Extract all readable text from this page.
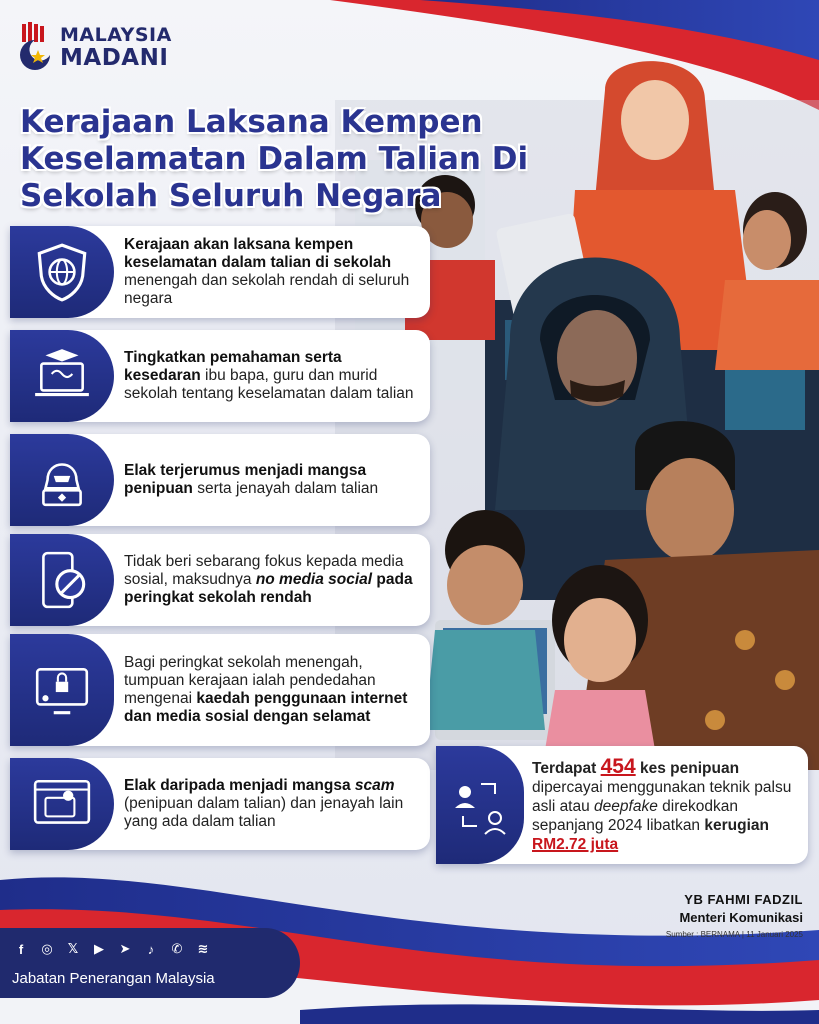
MALAYSIA
MADANI
Kerajaan Laksana Kempen
Keselamatan Dalam Talian Di
Sekolah Seluruh Negara
Kerajaan akan laksana kempen keselamatan dalam talian di sekolah menengah dan sekolah rendah di seluruh negara
Tingkatkan pemahaman serta kesedaran ibu bapa, guru dan murid sekolah tentang keselamatan dalam talian
Elak terjerumus menjadi mangsa penipuan serta jenayah dalam talian
Tidak beri sebarang fokus kepada media sosial, maksudnya no media social pada peringkat sekolah rendah
Bagi peringkat sekolah menengah, tumpuan kerajaan ialah pendedahan mengenai kaedah penggunaan internet dan media sosial dengan selamat
Elak daripada menjadi mangsa scam (penipuan dalam talian) dan jenayah lain yang ada dalam talian
Terdapat 454 kes penipuan dipercayai menggunakan teknik palsu asli atau deepfake direkodkan sepanjang 2024 libatkan kerugian RM2.72 juta
YB FAHMI FADZIL
Menteri Komunikasi
Sumber : BERNAMA | 11 Januari 2025
f	◎ 𝕏	▶	➤	♪	✆ ≋
Jabatan Penerangan Malaysia
